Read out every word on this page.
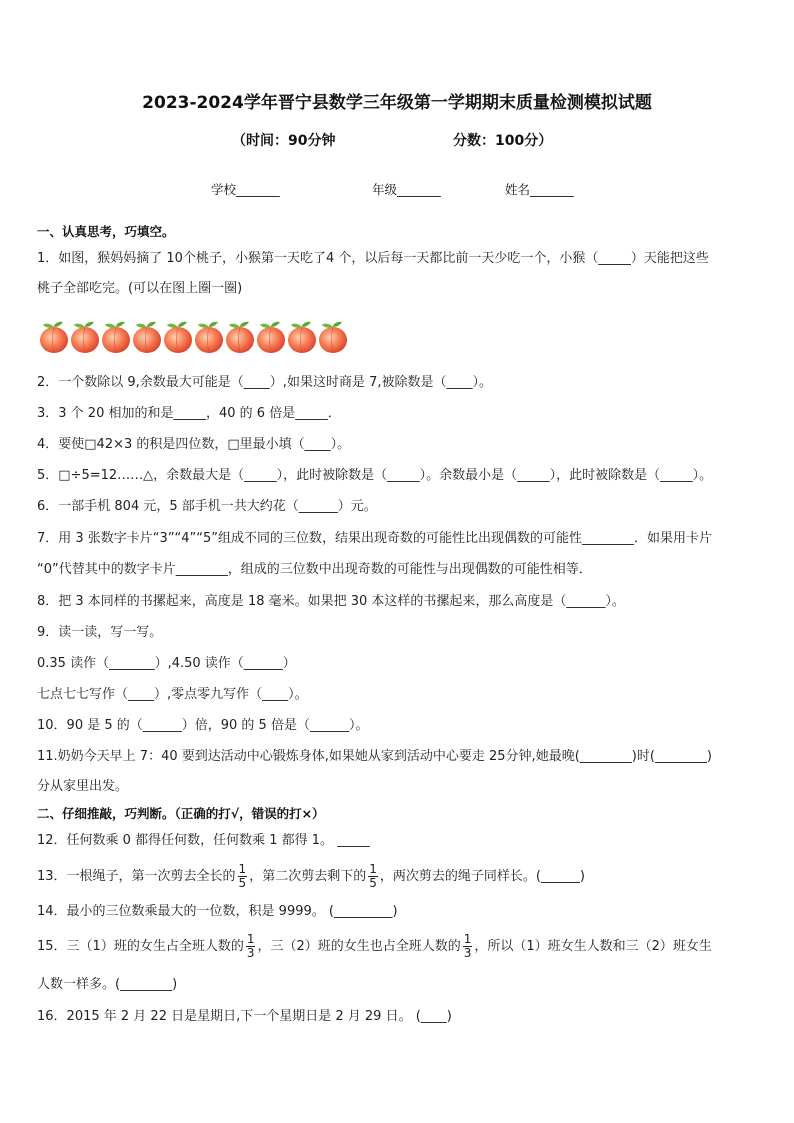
2023-2024学年晋宁县数学三年级第一学期期末质量检测模拟试题
（时间：90分钟	分数：100分）
学校_______	年级_______	姓名_______
一、认真思考，巧填空。
1．如图，猴妈妈摘了 10个桃子，小猴第一天吃了4 个，以后每一天都比前一天少吃一个，小猴（_____）天能把这些
桃子全部吃完。(可以在图上圈一圈)
2．一个数除以 9,余数最大可能是（____）,如果这时商是 7,被除数是（____）。
3．3 个 20 相加的和是_____，40 的 6 倍是_____．
4．要使□42×3 的积是四位数，□里最小填（____）。
5．□÷5=12……△，余数最大是（_____），此时被除数是（_____）。余数最小是（_____），此时被除数是（_____）。
6．一部手机 804 元，5 部手机一共大约花（______）元。
7．用 3 张数字卡片“3”“4”“5”组成不同的三位数，结果出现奇数的可能性比出现偶数的可能性________．如果用卡片
“0”代替其中的数字卡片________，组成的三位数中出现奇数的可能性与出现偶数的可能性相等．
8．把 3 本同样的书摞起来，高度是 18 毫米。如果把 30 本这样的书摞起来，那么高度是（______）。
9．读一读，写一写。
0.35 读作（_______）,4.50 读作（______）
七点七七写作（____）,零点零九写作（____）。
10．90 是 5 的（______）倍，90 的 5 倍是（______）。
11.奶奶今天早上 7：40 要到达活动中心锻炼身体,如果她从家到活动中心要走 25分钟,她最晚(________)时(________)
分从家里出发。
二、仔细推敲，巧判断。（正确的打√，错误的打×）
12．任何数乘 0 都得任何数，任何数乘 1 都得 1。 _____
13．一根绳子，第一次剪去全长的 $\frac{1}{5}$ ，第二次剪去剩下的 $\frac{1}{5}$ ，两次剪去的绳子同样长。(______)
14．最小的三位数乘最大的一位数，积是 9999。 (_________)
15．三（1）班的女生占全班人数的 $\frac{1}{3}$ ，三（2）班的女生也占全班人数的 $\frac{1}{3}$ ，所以（1）班女生人数和三（2）班女生
人数一样多。(________)
16．2015 年 2 月 22 日是星期日,下一个星期日是 2 月 29 日。 (____)
